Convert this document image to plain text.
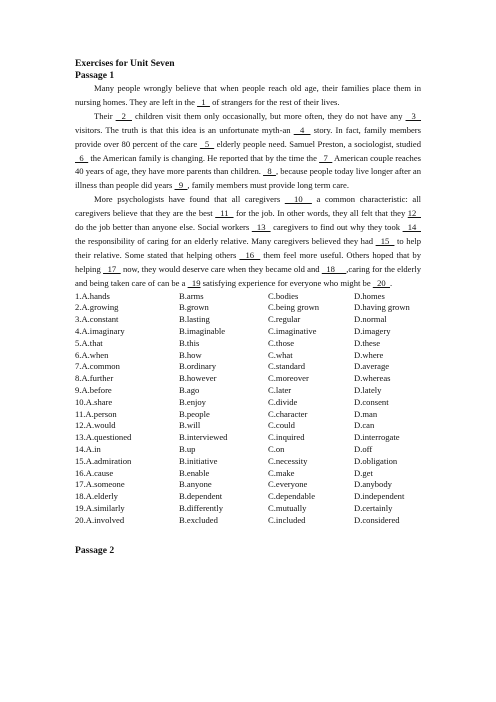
Exercises for Unit Seven

Passage 1

Many people wrongly believe that when people reach old age, their families place them in nursing homes. They are left in the   1   of strangers for the rest of their lives.

Their   2   children visit them only occasionally, but more often, they do not have any   3   visitors. The truth is that this idea is an unfortunate myth-an   4   story. In fact, family members provide over 80 percent of the care   5   elderly people need. Samuel Preston, a sociologist, studied   6   the American family is changing. He reported that by the time the   7   American couple reaches 40 years of age, they have more parents than children.   8  , because people today live longer after an illness than people did years   9  , family members must provide long term care.

More psychologists have found that all caregivers   10   a common characteristic: all caregivers believe that they are the best   11   for the job. In other words, they all felt that they 12   do the job better than anyone else. Social workers   13   caregivers to find out why they took   14   the responsibility of caring for an elderly relative. Many caregivers believed they had   15   to help their relative. Some stated that helping others   16   them feel more useful. Others hoped that by helping   17   now, they would deserve care when they became old and   18     ,caring for the elderly and being taken care of can be a   19 satisfying experience for everyone who might be   20  .

1.A.hands	B.arms	C.bodies	D.homes
2.A.growing	B.grown	C.being grown	D.having grown
3.A.constant	B.lasting	C.regular	D.normal
4.A.imaginary	B.imaginable	C.imaginative	D.imagery
5.A.that	B.this	C.those	D.these
6.A.when	B.how	C.what	D.where
7.A.common	B.ordinary	C.standard	D.average
8.A.further	B.however	C.moreover	D.whereas
9.A.before	B.ago	C.later	D.lately
10.A.share	B.enjoy	C.divide	D.consent
11.A.person	B.people	C.character	D.man
12.A.would	B.will	C.could	D.can
13.A.questioned	B.interviewed	C.inquired	D.interrogate
14.A.in	B.up	C.on	D.off
15.A.admiration	B.initiative	C.necessity	D.obligation
16.A.cause	B.enable	C.make	D.get
17.A.someone	B.anyone	C.everyone	D.anybody
18.A.elderly	B.dependent	C.dependable	D.independent
19.A.similarly	B.differently	C.mutually	D.certainly
20.A.involved	B.excluded	C.included	D.considered

Passage 2
